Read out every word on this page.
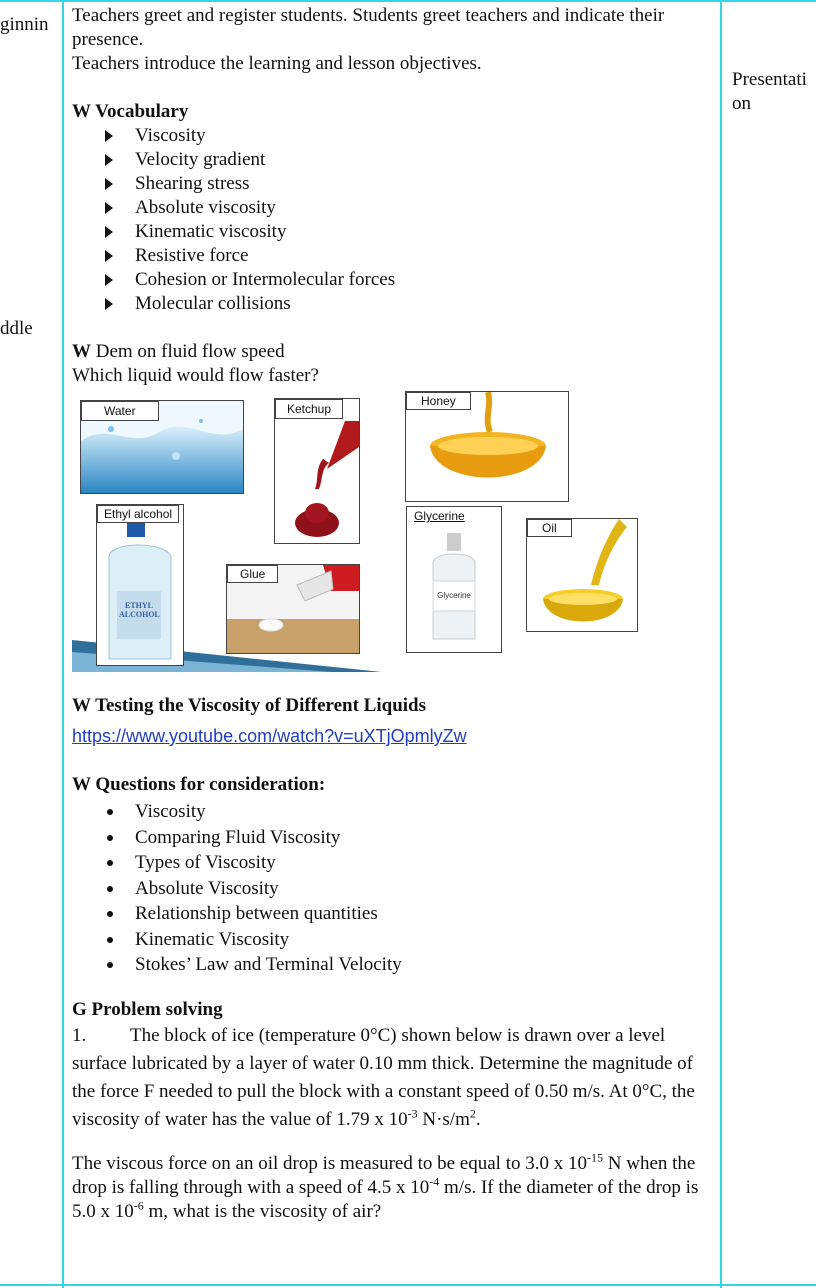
ginnin
ddle
Presentati on

Teachers greet and register students. Students greet teachers and indicate their presence.

Teachers introduce the learning and lesson objectives.

W Vocabulary

Viscosity
Velocity gradient
Shearing stress
Absolute viscosity
Kinematic viscosity
Resistive force
Cohesion or Intermolecular forces
Molecular collisions

W Dem on fluid flow speed

Which liquid would flow faster?

Water	Ketchup
Honey
Ethyl alcohol
ETHYL ALCOHOL
Glue
Glycerine
Glycerine
Oil

W Testing the Viscosity of Different Liquids

https://www.youtube.com/watch?v=uXTjOpmlyZw

W Questions for consideration:

Viscosity
Comparing Fluid Viscosity
Types of Viscosity
Absolute Viscosity
Relationship between quantities
Kinematic Viscosity
Stokes’ Law and Terminal Velocity

G Problem solving

1. The block of ice (temperature 0°C) shown below is drawn over a level surface lubricated by a layer of water 0.10 mm thick. Determine the magnitude of the force F needed to pull the block with a constant speed of 0.50 m/s. At 0°C, the viscosity of water has the value of 1.79 x $10^{-3}$ $N\cdot s/m^2$.

The viscous force on an oil drop is measured to be equal to 3.0 x $10^{-15}$ N when the drop is falling through with a speed of 4.5 x $10^{-4}$ m/s. If the diameter of the drop is 5.0 x $10^{-6}$ m, what is the viscosity of air?
